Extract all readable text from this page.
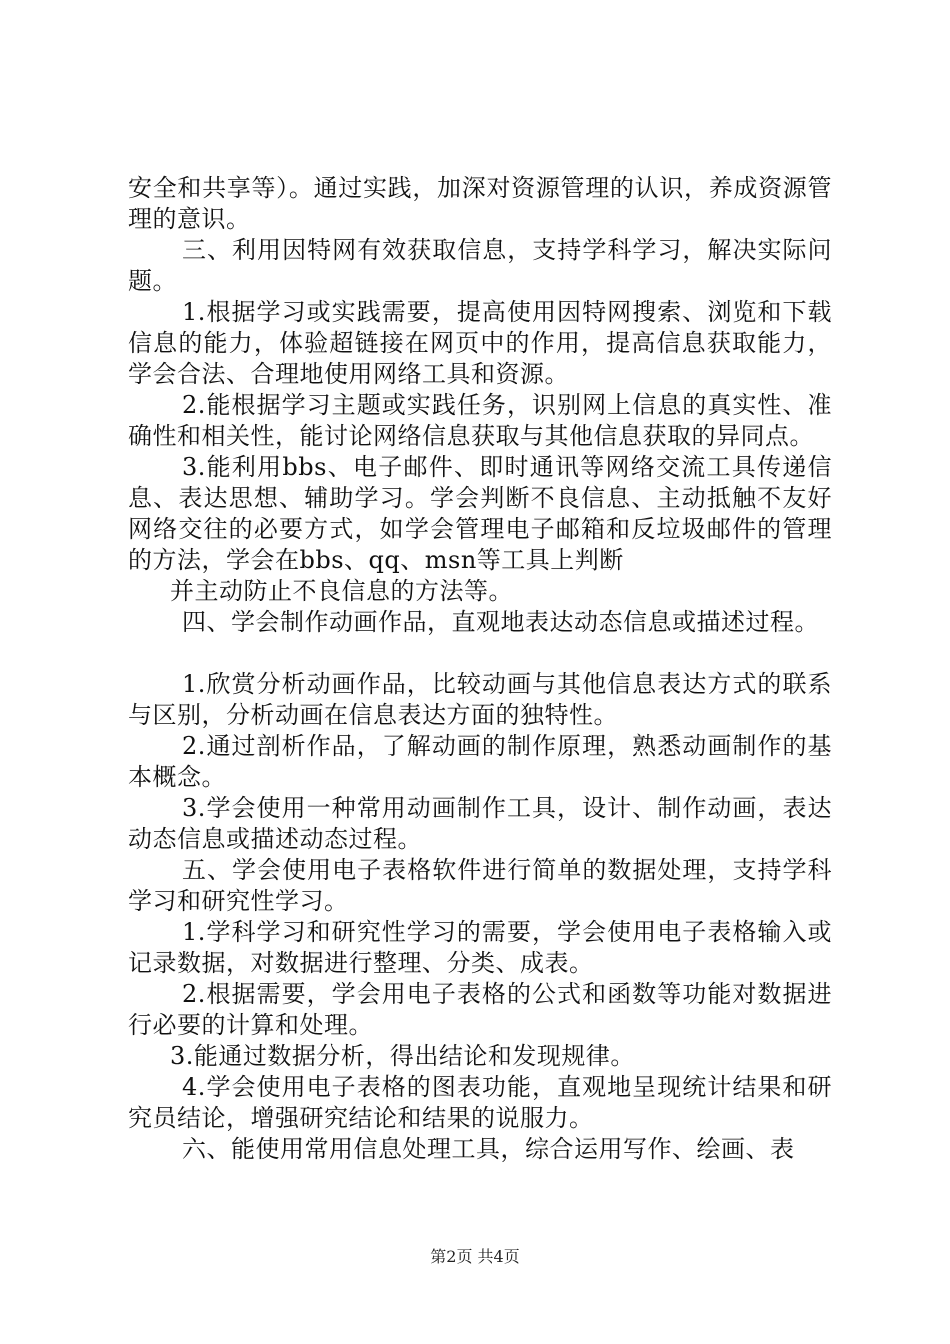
安全和共享等）。通过实践，加深对资源管理的认识，养成资源管理的意识。

三、利用因特网有效获取信息，支持学科学习，解决实际问题。

1.根据学习或实践需要，提高使用因特网搜索、浏览和下载信息的能力，体验超链接在网页中的作用，提高信息获取能力，学会合法、合理地使用网络工具和资源。

2.能根据学习主题或实践任务，识别网上信息的真实性、准确性和相关性，能讨论网络信息获取与其他信息获取的异同点。

3.能利用bbs、电子邮件、即时通讯等网络交流工具传递信息、表达思想、辅助学习。学会判断不良信息、主动抵触不友好网络交往的必要方式，如学会管理电子邮箱和反垃圾邮件的管理的方法，学会在bbs、qq、msn等工具上判断

并主动防止不良信息的方法等。

四、学会制作动画作品，直观地表达动态信息或描述过程。

1.欣赏分析动画作品，比较动画与其他信息表达方式的联系与区别，分析动画在信息表达方面的独特性。

2.通过剖析作品，了解动画的制作原理，熟悉动画制作的基本概念。

3.学会使用一种常用动画制作工具，设计、制作动画，表达动态信息或描述动态过程。

五、学会使用电子表格软件进行简单的数据处理，支持学科学习和研究性学习。

1.学科学习和研究性学习的需要，学会使用电子表格输入或记录数据，对数据进行整理、分类、成表。

2.根据需要，学会用电子表格的公式和函数等功能对数据进行必要的计算和处理。

3.能通过数据分析，得出结论和发现规律。

4.学会使用电子表格的图表功能，直观地呈现统计结果和研究员结论，增强研究结论和结果的说服力。

六、能使用常用信息处理工具，综合运用写作、绘画、表

第2页 共4页
